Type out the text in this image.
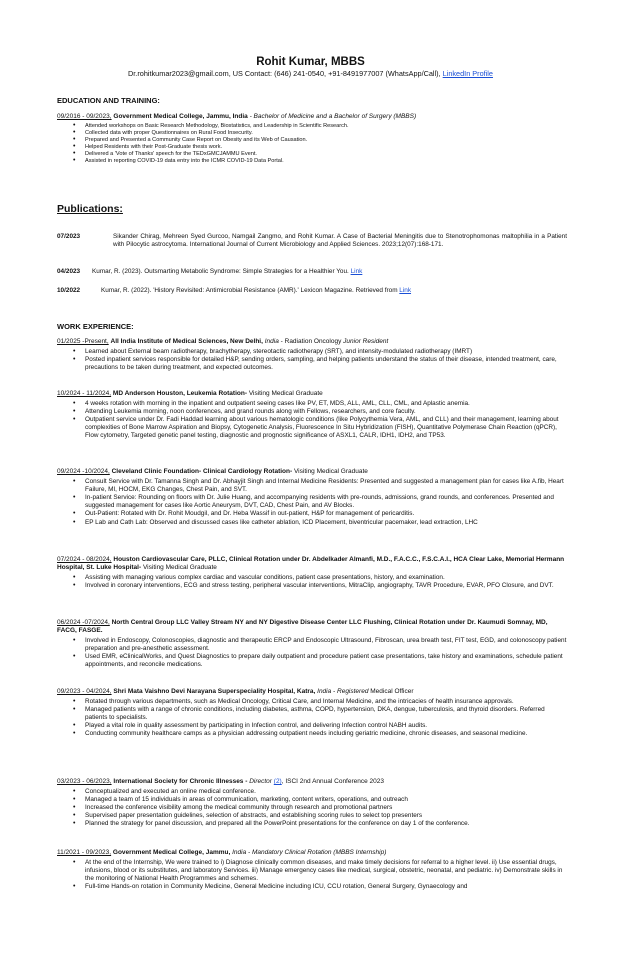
Rohit Kumar, MBBS
Dr.rohitkumar2023@gmail.com, US Contact: (646) 241-0540, +91-8491977007 (WhatsApp/Call), LinkedIn Profile
EDUCATION AND TRAINING:
09/2016 - 09/2023, Government Medical College, Jammu, India - Bachelor of Medicine and a Bachelor of Surgery (MBBS)
• Attended workshops on Basic Research Methodology, Biostatistics, and Leadership in Scientific Research.
• Collected data with proper Questionnaires on Rural Food Insecurity.
• Prepared and Presented a Community Case Report on Obesity and its Web of Causation.
• Helped Residents with their Post-Graduate thesis work.
• Delivered a 'Vote of Thanks' speech for the TEDxGMCJAMMU Event.
• Assisted in reporting COVID-19 data entry into the ICMR COVID-19 Data Portal.
Publications:
07/2023	Sikander Chirag, Mehreen Syed Gurcoo, Namgail Zangmo, and Rohit Kumar. A Case of Bacterial Meningitis due to Stenotrophomonas maltophilia in a Patient with Pilocytic astrocytoma. International Journal of Current Microbiology and Applied Sciences. 2023;12(07):168-171.
04/2023 Kumar, R. (2023). Outsmarting Metabolic Syndrome: Simple Strategies for a Healthier You. Link
10/2022	Kumar, R. (2022). 'History Revisited: Antimicrobial Resistance (AMR).' Lexicon Magazine. Retrieved from Link
WORK EXPERIENCE:
01/2025 -Present, All India Institute of Medical Sciences, New Delhi, India - Radiation Oncology Junior Resident
• Learned about External beam radiotherapy, brachytherapy, stereotactic radiotherapy (SRT), and intensity-modulated radiotherapy (IMRT)
• Posted inpatient services responsible for detailed H&P, sending orders, sampling, and helping patients understand the status of their disease, intended treatment, care, precautions to be taken during treatment, and expected outcomes.
10/2024 - 11/2024, MD Anderson Houston, Leukemia Rotation- Visiting Medical Graduate
• 4 weeks rotation with morning in the inpatient and outpatient seeing cases like PV, ET, MDS, ALL, AML, CLL, CML, and Aplastic anemia.
• Attending Leukemia morning, noon conferences, and grand rounds along with Fellows, researchers, and core faculty.
• Outpatient service under Dr. Fadi Haddad learning about various hematologic conditions (like Polycythemia Vera, AML, and CLL) and their management, learning about complexities of Bone Marrow Aspiration and Biopsy, Cytogenetic Analysis, Fluorescence In Situ Hybridization (FISH), Quantitative Polymerase Chain Reaction (qPCR), Flow cytometry, Targeted genetic panel testing, diagnostic and prognostic significance of ASXL1, CALR, IDH1, IDH2, and TP53.
09/2024 -10/2024, Cleveland Clinic Foundation- Clinical Cardiology Rotation- Visiting Medical Graduate
• Consult Service with Dr. Tamanna Singh and Dr. Abhayjit Singh and Internal Medicine Residents: Presented and suggested a management plan for cases like A.fib, Heart Failure, MI, HOCM, EKG Changes, Chest Pain, and SVT.
• In-patient Service: Rounding on floors with Dr. Julie Huang, and accompanying residents with pre-rounds, admissions, grand rounds, and conferences. Presented and suggested management for cases like Aortic Aneurysm, DVT, CAD, Chest Pain, and AV Blocks.
• Out-Patient: Rotated with Dr. Rohit Moudgil, and Dr. Heba Wassif in out-patient, H&P for management of pericarditis.
• EP Lab and Cath Lab: Observed and discussed cases like catheter ablation, ICD Placement, biventricular pacemaker, lead extraction, LHC
07/2024 - 08/2024, Houston Cardiovascular Care, PLLC, Clinical Rotation under Dr. Abdelkader Almanfi, M.D., F.A.C.C., F.S.C.A.I., HCA Clear Lake, Memorial Hermann Hospital, St. Luke Hospital- Visiting Medical Graduate
• Assisting with managing various complex cardiac and vascular conditions, patient case presentations, history, and examination.
• Involved in coronary interventions, ECG and stress testing, peripheral vascular interventions, MitraClip, angiography, TAVR Procedure, EVAR, PFO Closure, and DVT.
06/2024 -07/2024, North Central Group LLC Valley Stream NY and NY Digestive Disease Center LLC Flushing, Clinical Rotation under Dr. Kaumudi Somnay, MD, FACG, FASGE.
• Involved in Endoscopy, Colonoscopies, diagnostic and therapeutic ERCP and Endoscopic Ultrasound, Fibroscan, urea breath test, FIT test, EGD, and colonoscopy patient preparation and pre-anesthetic assessment.
• Used EMR, eClinicalWorks, and Quest Diagnostics to prepare daily outpatient and procedure patient case presentations, take history and examinations, schedule patient appointments, and reconcile medications.
09/2023 - 04/2024, Shri Mata Vaishno Devi Narayana Superspeciality Hospital, Katra, India - Registered Medical Officer
• Rotated through various departments, such as Medical Oncology, Critical Care, and Internal Medicine, and the intricacies of health insurance approvals.
• Managed patients with a range of chronic conditions, including diabetes, asthma, COPD, hypertension, DKA, dengue, tuberculosis, and thyroid disorders. Referred patients to specialists.
• Played a vital role in quality assessment by participating in Infection control, and delivering Infection control NABH audits.
• Conducting community healthcare camps as a physician addressing outpatient needs including geriatric medicine, chronic diseases, and seasonal medicine.
03/2023 - 06/2023, International Society for Chronic Illnesses - Director (2), ISCI 2nd Annual Conference 2023
• Conceptualized and executed an online medical conference.
• Managed a team of 15 individuals in areas of communication, marketing, content writers, operations, and outreach
• Increased the conference visibility among the medical community through research and promotional partners
• Supervised paper presentation guidelines, selection of abstracts, and establishing scoring rules to select top presenters
• Planned the strategy for panel discussion, and prepared all the PowerPoint presentations for the conference on day 1 of the conference.
11/2021 - 09/2023, Government Medical College, Jammu, India - Mandatory Clinical Rotation (MBBS Internship)
• At the end of the Internship, We were trained to i) Diagnose clinically common diseases, and make timely decisions for referral to a higher level. ii) Use essential drugs, infusions, blood or its substitutes, and laboratory Services. iii) Manage emergency cases like medical, surgical, obstetric, neonatal, and pediatric. iv) Demonstrate skills in the monitoring of National Health Programmes and schemes.
• Full-time Hands-on rotation in Community Medicine, General Medicine including ICU, CCU rotation, General Surgery, Gynaecology and
